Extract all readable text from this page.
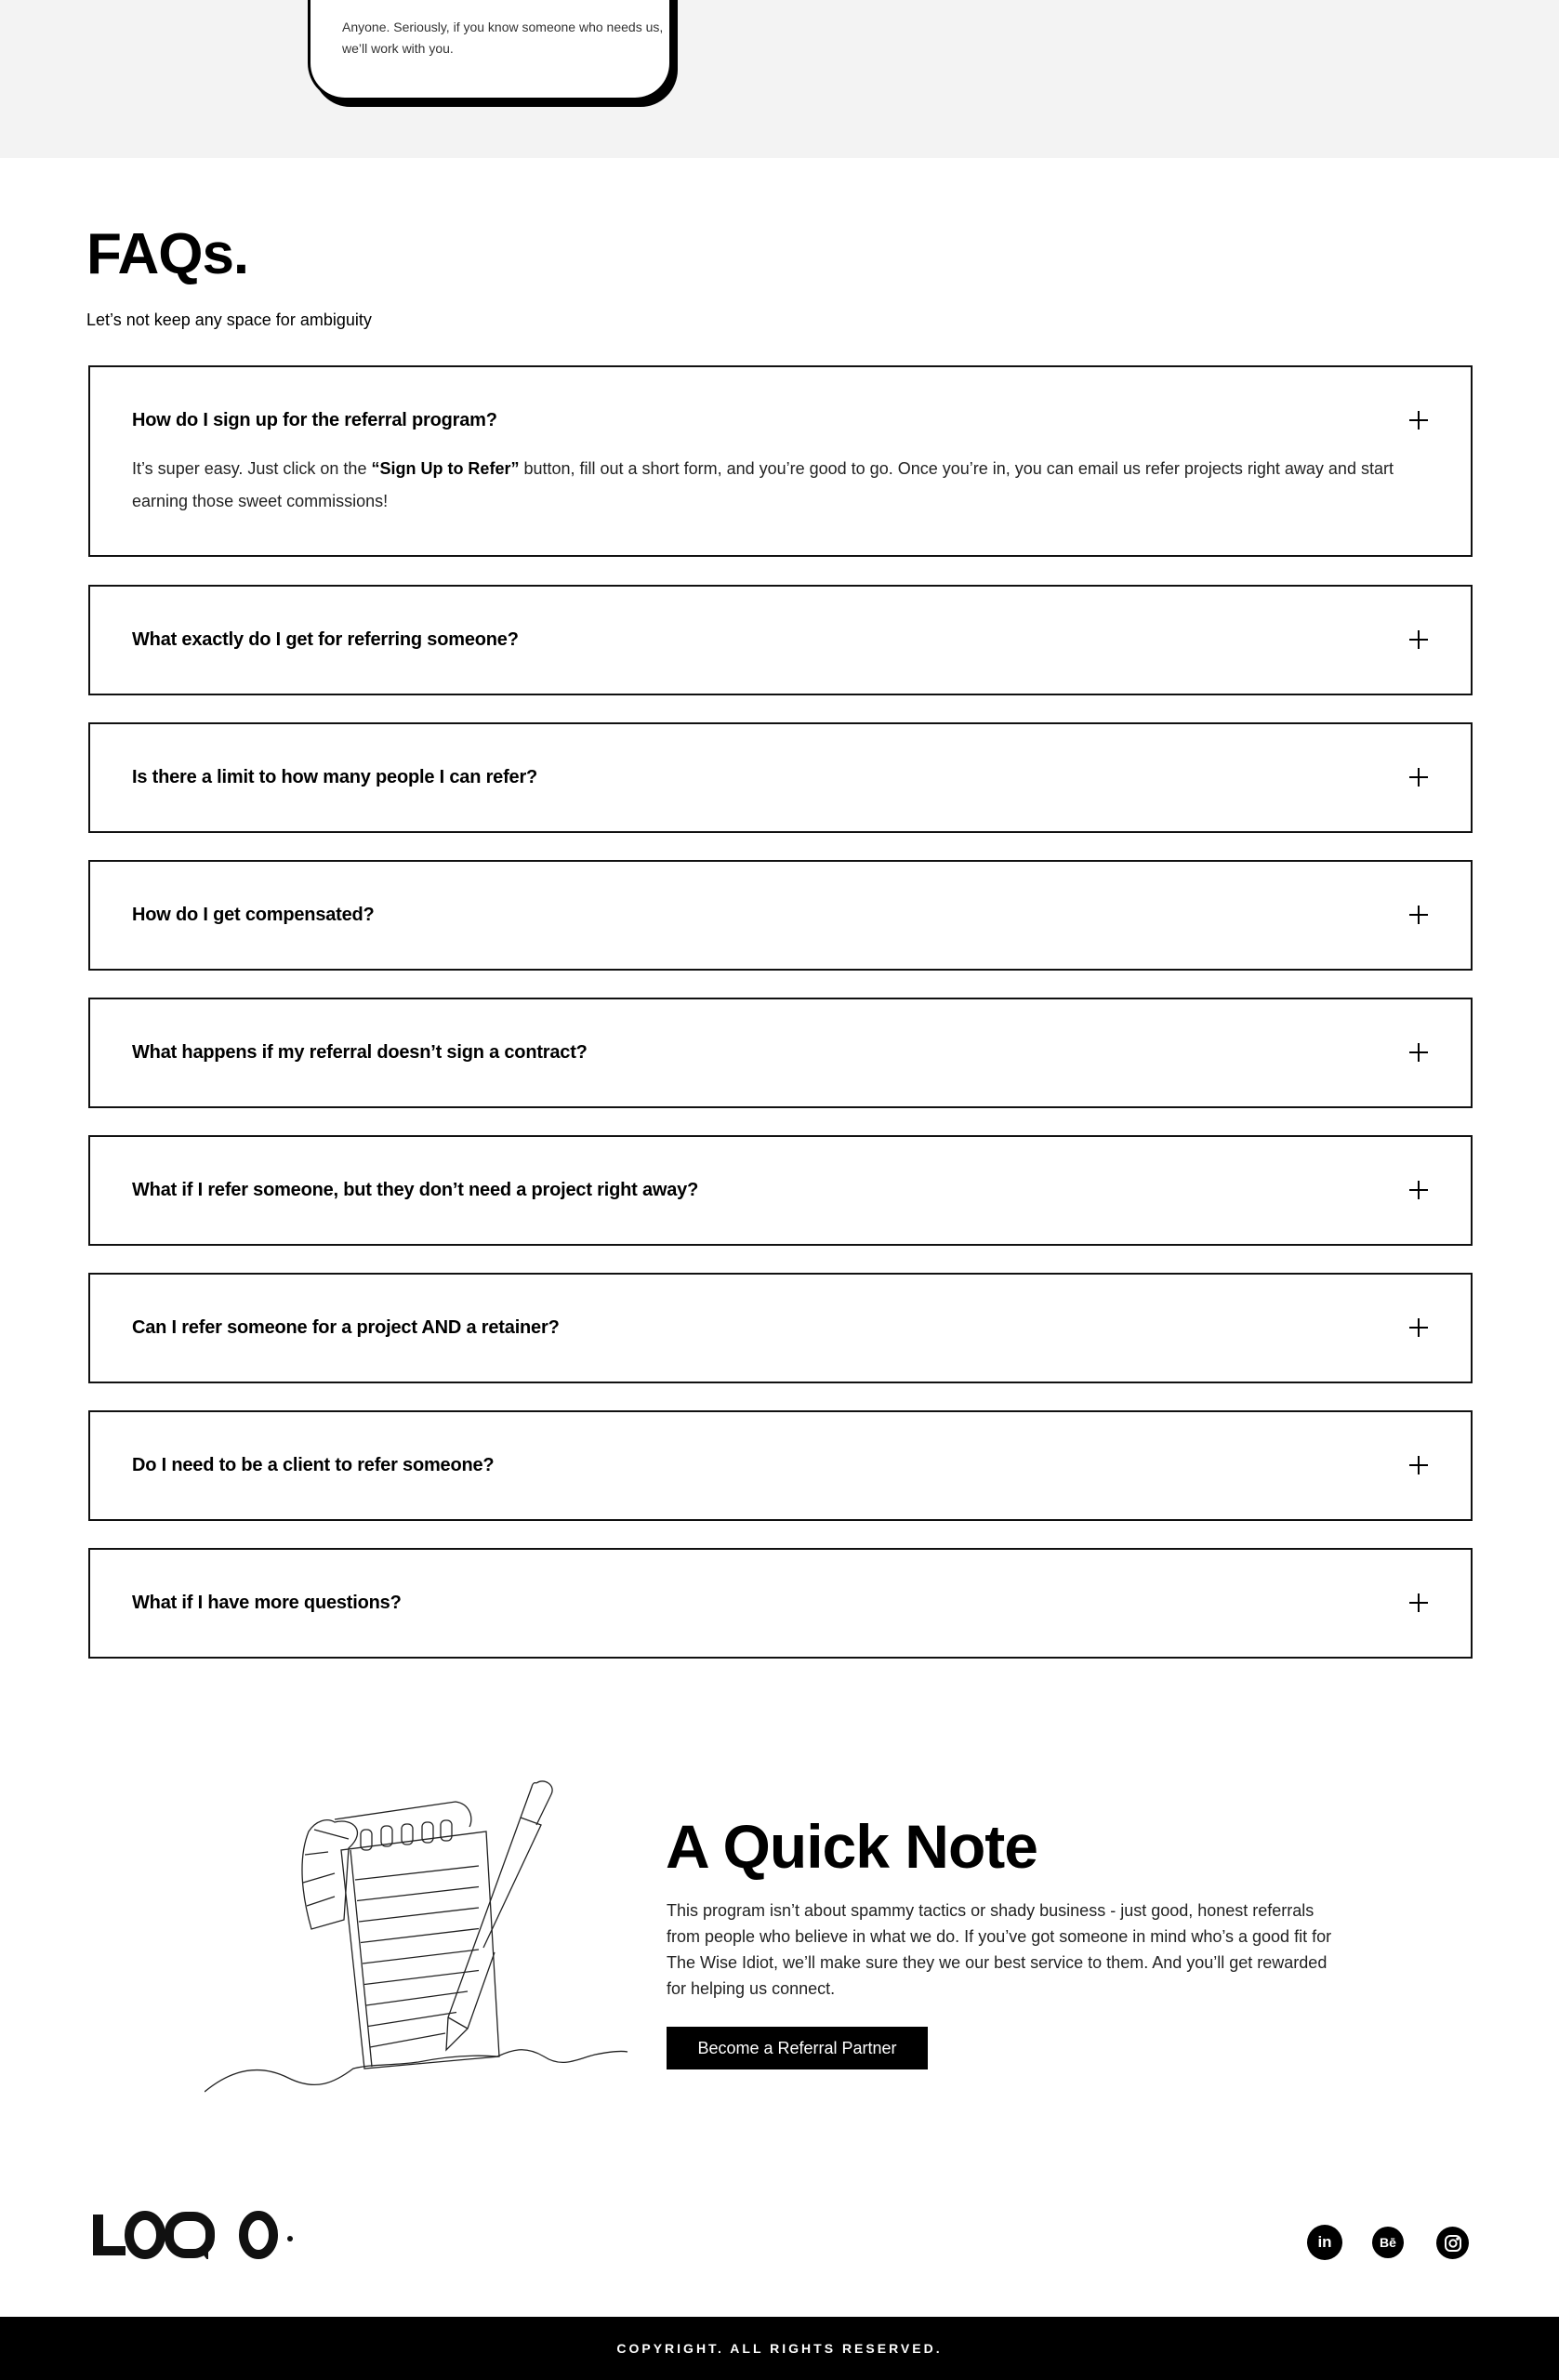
Anyone. Seriously, if you know someone who needs us, we’ll work with you.
FAQs.

Let’s not keep any space for ambiguity

How do I sign up for the referral program?

It’s super easy. Just click on the “Sign Up to Refer” button, fill out a short form, and you’re good to go. Once you’re in, you can email us refer projects right away and start earning those sweet commissions!

What exactly do I get for referring someone?
Is there a limit to how many people I can refer?
How do I get compensated?
What happens if my referral doesn’t sign a contract?
What if I refer someone, but they don’t need a project right away?
Can I refer someone for a project AND a retainer?
Do I need to be a client to refer someone?
What if I have more questions?
A Quick Note

This program isn’t about spammy tactics or shady business - just good, honest referrals from people who believe in what we do. If you’ve got someone in mind who’s a good fit for The Wise Idiot, we’ll make sure they we our best service to them. And you’ll get rewarded for helping us connect.

Become a Referral Partner
in	Bē
COPYRIGHT. ALL RIGHTS RESERVED.
